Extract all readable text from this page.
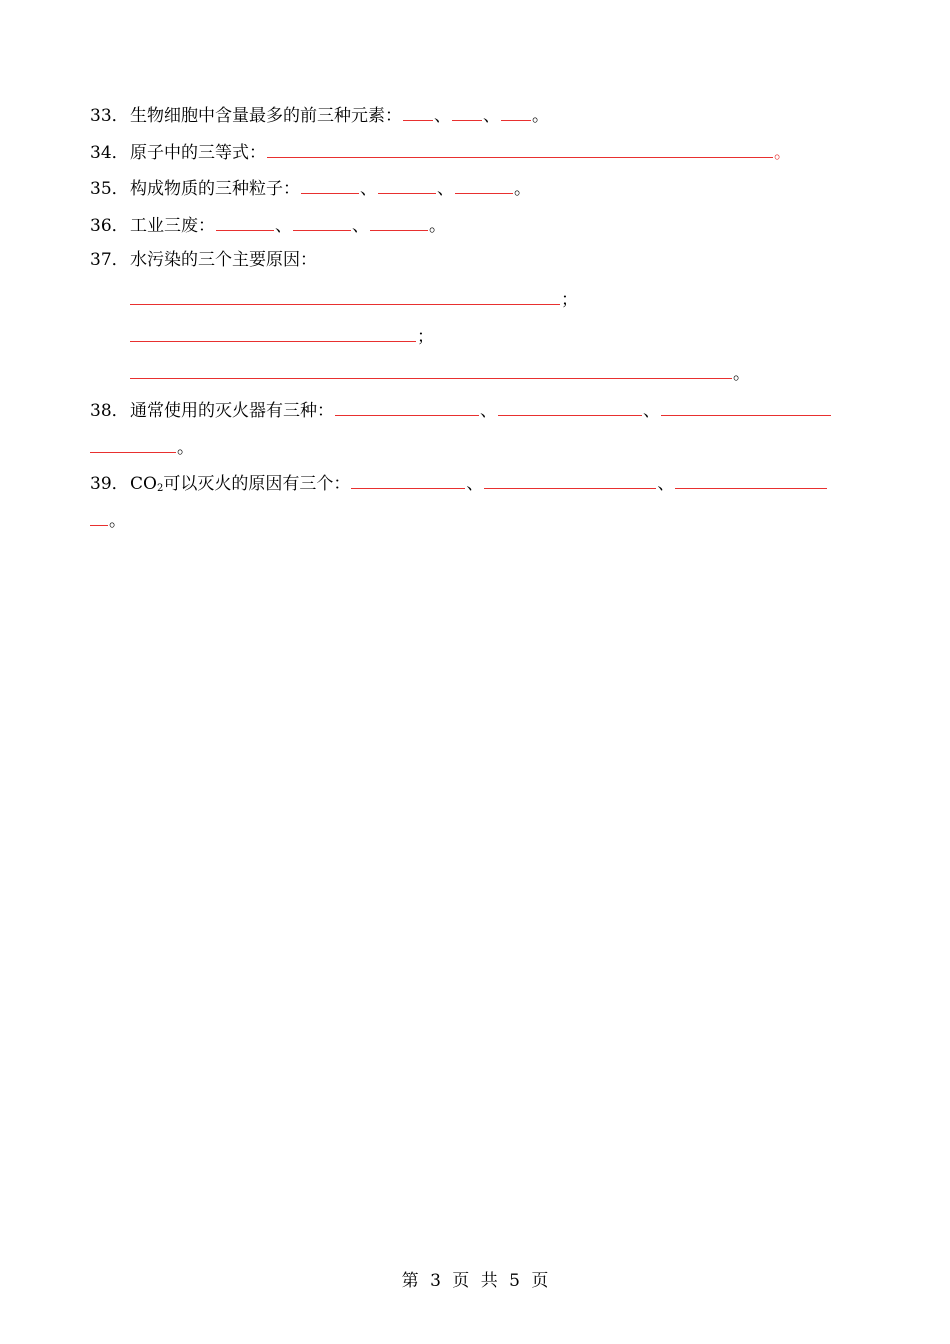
33．生物细胞中含量最多的前三种元素： 、 、 。
34．原子中的三等式：	。
35．构成物质的三种粒子：	、	、	。
36．工业三废：	、	、	。
37．水污染的三个主要原因：
；
；
。
38．通常使用的灭火器有三种：	、	、
。
39．$CO_2$可以灭火的原因有三个：	、	、
。
第 3 页 共 5 页
